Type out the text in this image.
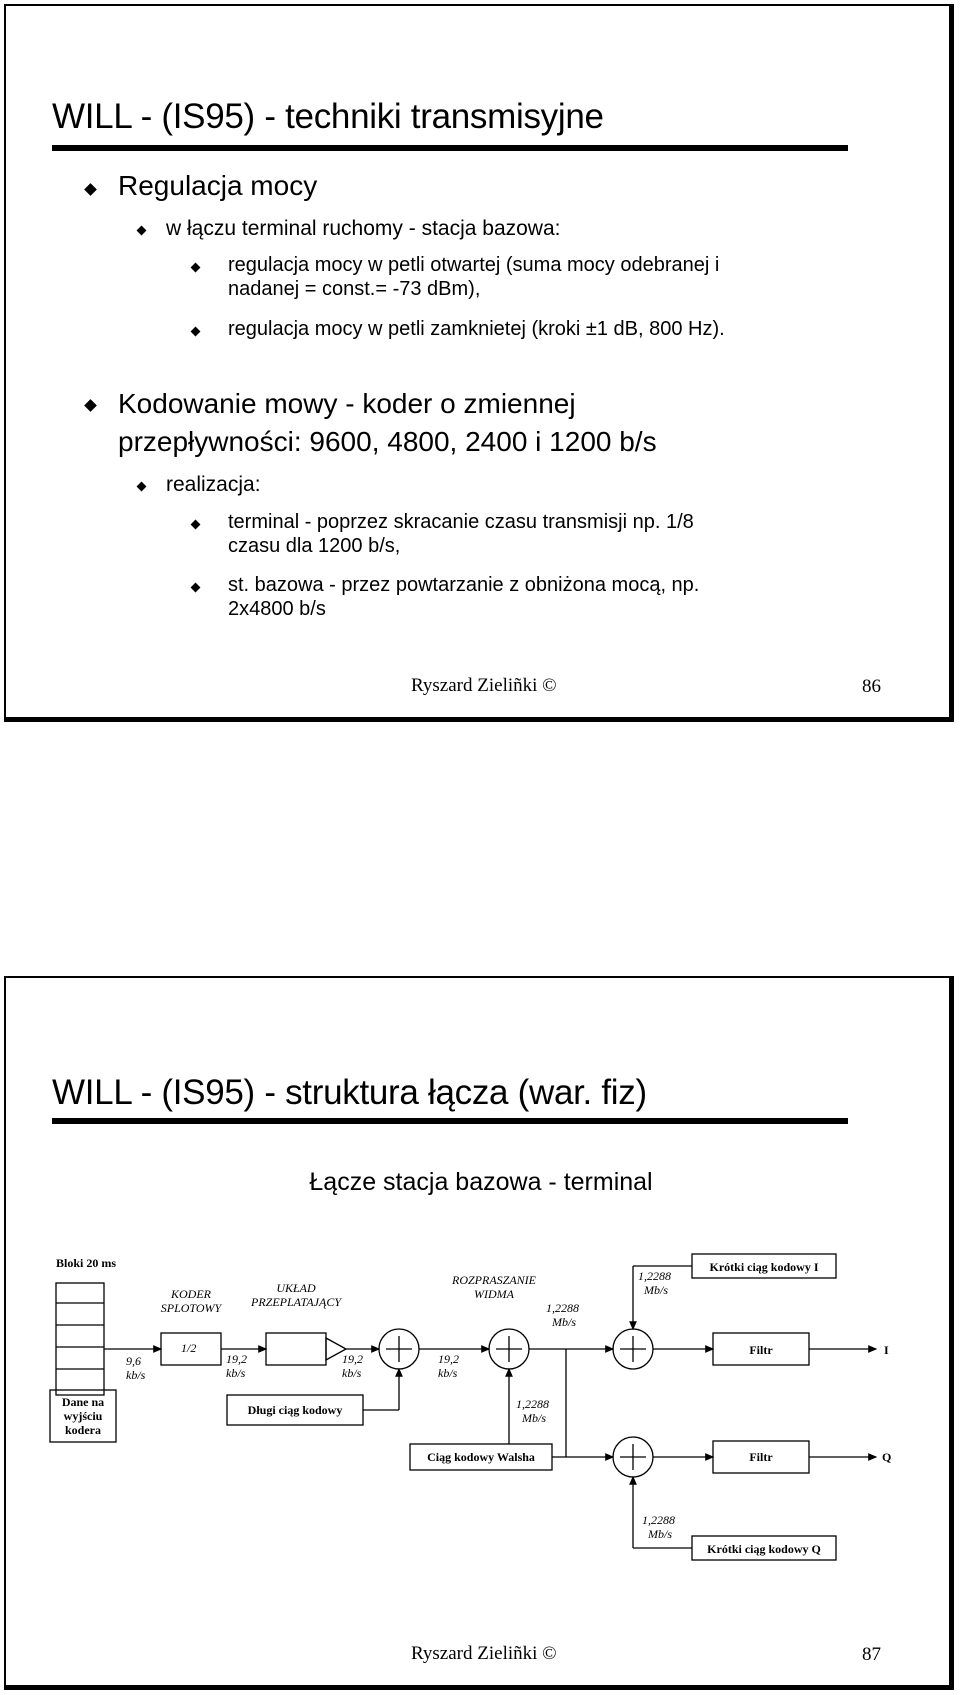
WILL - (IS95) - techniki transmisyjne
Regulacja mocy
w łączu terminal ruchomy - stacja bazowa:
regulacja mocy w petli otwartej (suma mocy odebranej i
nadanej = const.= -73 dBm),
regulacja mocy w petli zamknietej (kroki ±1 dB, 800 Hz).
Kodowanie mowy - koder o zmiennej
przepływności: 9600, 4800, 2400 i 1200 b/s
realizacja:
terminal - poprzez skracanie czasu transmisji np. 1/8
czasu dla 1200 b/s,
st. bazowa - przez powtarzanie z obniżona mocą, np.
2x4800 b/s
Ryszard Zieliñki ©	86
WILL - (IS95) - struktura łącza (war. fiz)
Łącze stacja bazowa - terminal
Bloki 20 ms
9,6
kb/s
KODER
SPLOTOWY
1/2
19,2
kb/s
UKŁAD
PRZEPLATAJĄCY
19,2
kb/s
ROZPRASZANIE
WIDMA
19,2
kb/s
1,2288
Mb/s
1,2288
Mb/s
Krótki ciąg kodowy I
Filtr	I
Dane na
wyjściu
kodera
Długi ciąg kodowy	1,2288
Mb/s
Ciąg kodowy Walsha	Filtr	Q
1,2288
Mb/s
Krótki ciąg kodowy Q
Ryszard Zieliñki ©	87
